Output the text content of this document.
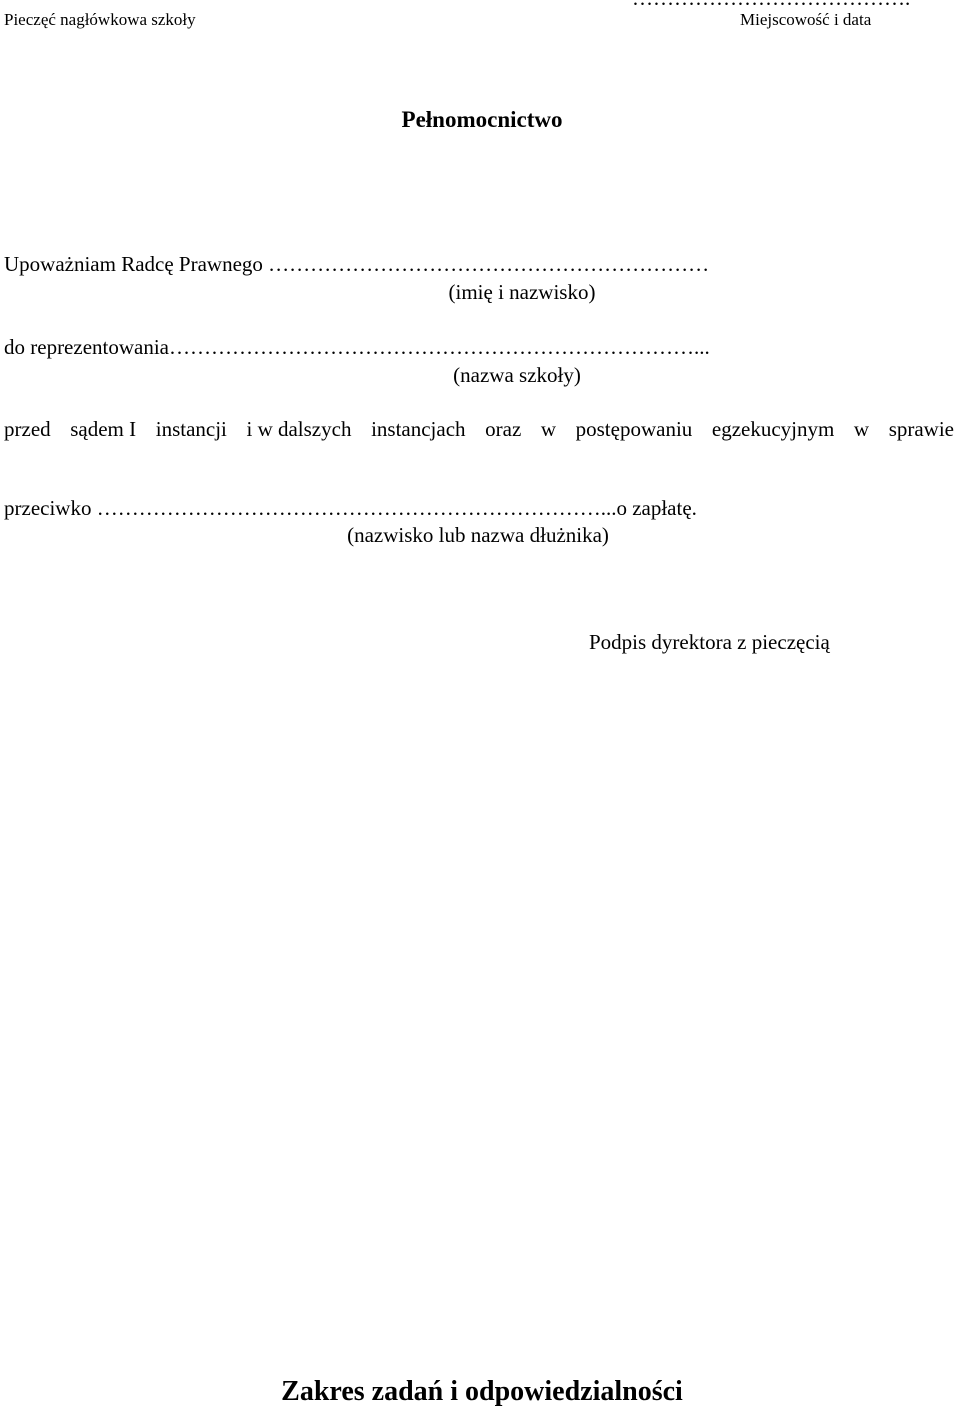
Pieczęć nagłówkowa szkoły	Miejscowość i data
Pełnomocnictwo
Upoważniam Radcę Prawnego ………………………………………………………
(imię i nazwisko)
do reprezentowania…………………………………………………………………...
(nazwa szkoły)
przed sądem I instancji i w dalszych instancjach oraz w postępowaniu egzekucyjnym w sprawie
przeciwko ………………………………………………………………...o zapłatę.
(nazwisko lub nazwa dłużnika)
Podpis dyrektora z pieczęcią
Zakres zadań i odpowiedzialności
